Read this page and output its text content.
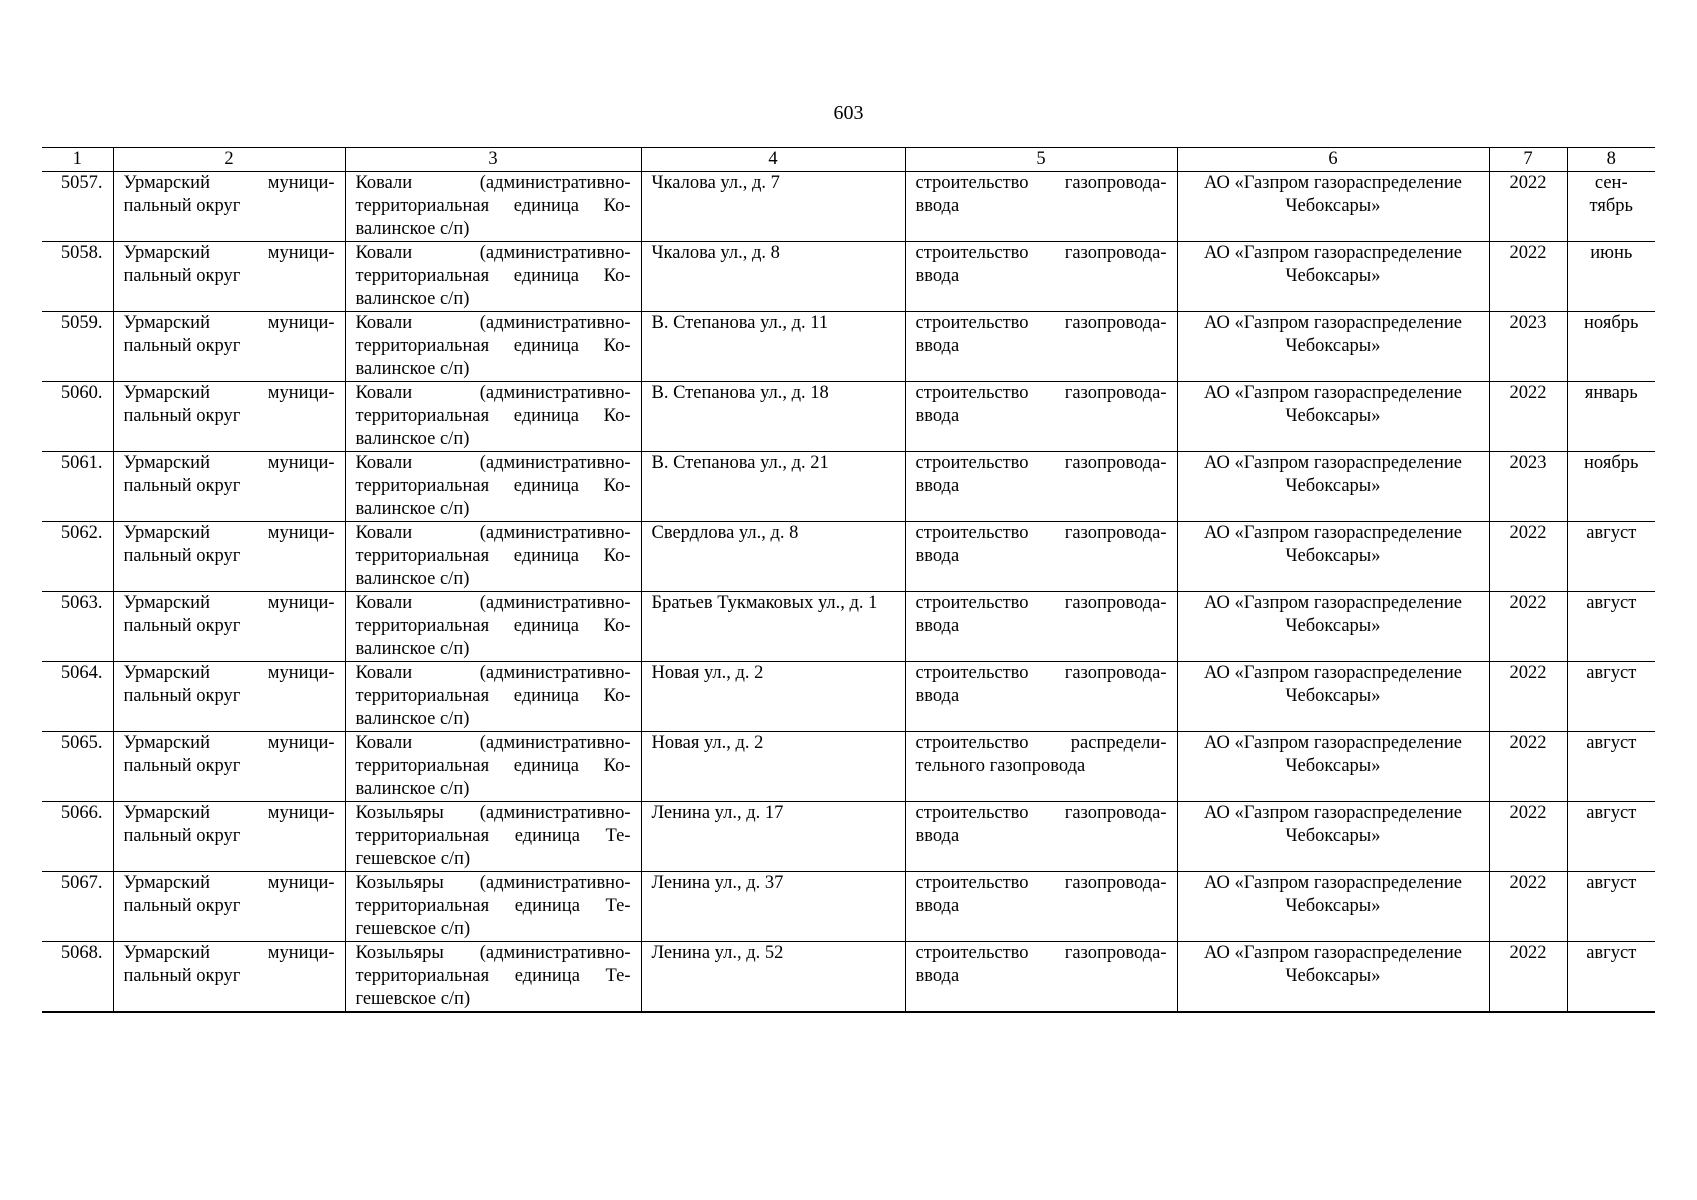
603
1	2	3	4	5	6	7	8
5057.	Урмарский муници-пальный округ	Ковали (административно-территориальная единица Ко-валинское с/п)	Чкалова ул., д. 7	строительство газопровода-ввода	АО «Газпром газораспределение Чебоксары»	2022	сен-тябрь
5058.	Урмарский муници-пальный округ	Ковали (административно-территориальная единица Ко-валинское с/п)	Чкалова ул., д. 8	строительство газопровода-ввода	АО «Газпром газораспределение Чебоксары»	2022	июнь
5059.	Урмарский муници-пальный округ	Ковали (административно-территориальная единица Ко-валинское с/п)	В. Степанова ул., д. 11	строительство газопровода-ввода	АО «Газпром газораспределение Чебоксары»	2023	ноябрь
5060.	Урмарский муници-пальный округ	Ковали (административно-территориальная единица Ко-валинское с/п)	В. Степанова ул., д. 18	строительство газопровода-ввода	АО «Газпром газораспределение Чебоксары»	2022	январь
5061.	Урмарский муници-пальный округ	Ковали (административно-территориальная единица Ко-валинское с/п)	В. Степанова ул., д. 21	строительство газопровода-ввода	АО «Газпром газораспределение Чебоксары»	2023	ноябрь
5062.	Урмарский муници-пальный округ	Ковали (административно-территориальная единица Ко-валинское с/п)	Свердлова ул., д. 8	строительство газопровода-ввода	АО «Газпром газораспределение Чебоксары»	2022	август
5063.	Урмарский муници-пальный округ	Ковали (административно-территориальная единица Ко-валинское с/п)	Братьев Тукмаковых ул., д. 1	строительство газопровода-ввода	АО «Газпром газораспределение Чебоксары»	2022	август
5064.	Урмарский муници-пальный округ	Ковали (административно-территориальная единица Ко-валинское с/п)	Новая ул., д. 2	строительство газопровода-ввода	АО «Газпром газораспределение Чебоксары»	2022	август
5065.	Урмарский муници-пальный округ	Ковали (административно-территориальная единица Ко-валинское с/п)	Новая ул., д. 2	строительство распредели-тельного газопровода	АО «Газпром газораспределение Чебоксары»	2022	август
5066.	Урмарский муници-пальный округ	Козыльяры (административно-территориальная единица Те-гешевское с/п)	Ленина ул., д. 17	строительство газопровода-ввода	АО «Газпром газораспределение Чебоксары»	2022	август
5067.	Урмарский муници-пальный округ	Козыльяры (административно-территориальная единица Те-гешевское с/п)	Ленина ул., д. 37	строительство газопровода-ввода	АО «Газпром газораспределение Чебоксары»	2022	август
5068.	Урмарский муници-пальный округ	Козыльяры (административно-территориальная единица Те-гешевское с/п)	Ленина ул., д. 52	строительство газопровода-ввода	АО «Газпром газораспределение Чебоксары»	2022	август
